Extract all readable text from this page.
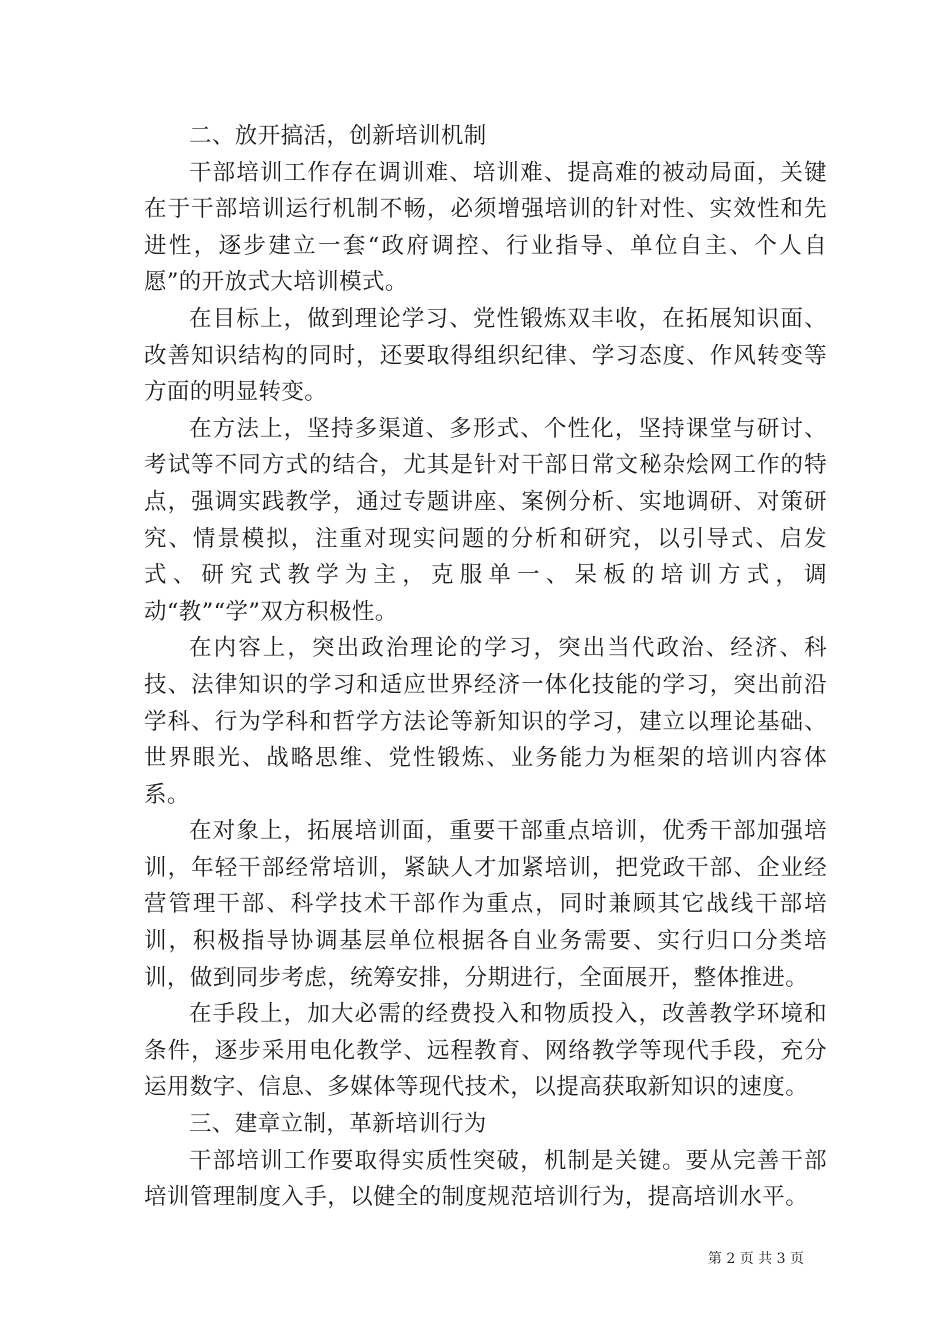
二、放开搞活，创新培训机制

干部培训工作存在调训难、培训难、提高难的被动局面，关键在于干部培训运行机制不畅，必须增强培训的针对性、实效性和先进性，逐步建立一套“政府调控、行业指导、单位自主、个人自愿”的开放式大培训模式。

在目标上，做到理论学习、党性锻炼双丰收，在拓展知识面、改善知识结构的同时，还要取得组织纪律、学习态度、作风转变等方面的明显转变。

在方法上，坚持多渠道、多形式、个性化，坚持课堂与研讨、考试等不同方式的结合，尤其是针对干部日常文秘杂烩网工作的特点，强调实践教学，通过专题讲座、案例分析、实地调研、对策研究、情景模拟，注重对现实问题的分析和研究，以引导式、启发式、研究式教学为主，克服单一、呆板的培训方式，调动“教”“学”双方积极性。

在内容上，突出政治理论的学习，突出当代政治、经济、科技、法律知识的学习和适应世界经济一体化技能的学习，突出前沿学科、行为学科和哲学方法论等新知识的学习，建立以理论基础、世界眼光、战略思维、党性锻炼、业务能力为框架的培训内容体系。

在对象上，拓展培训面，重要干部重点培训，优秀干部加强培训，年轻干部经常培训，紧缺人才加紧培训，把党政干部、企业经营管理干部、科学技术干部作为重点，同时兼顾其它战线干部培训，积极指导协调基层单位根据各自业务需要、实行归口分类培训，做到同步考虑，统筹安排，分期进行，全面展开，整体推进。

在手段上，加大必需的经费投入和物质投入，改善教学环境和条件，逐步采用电化教学、远程教育、网络教学等现代手段，充分运用数字、信息、多媒体等现代技术，以提高获取新知识的速度。

三、建章立制，革新培训行为

干部培训工作要取得实质性突破，机制是关键。要从完善干部培训管理制度入手，以健全的制度规范培训行为，提高培训水平。

第 2 页 共 3 页
